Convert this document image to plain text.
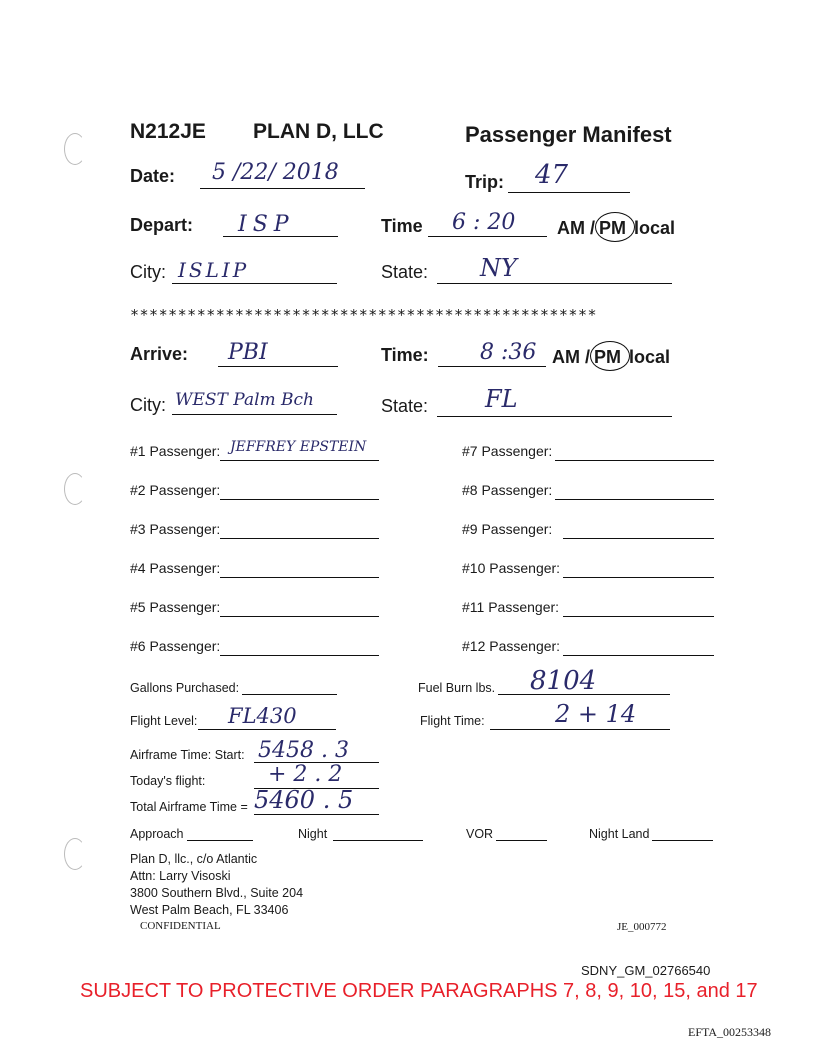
N212JE PLAN D, LLC	Passenger Manifest
Date: 5 /22/ 2018	Trip: 47
Depart: ISP	Time 6 : 20 AM / PM local
City: ISLIP	State: NY
*************************************************
Arrive: PBI	Time: 8 :36 AM / PM local
City: WEST Palm Bch	State: FL
#1 Passenger: JEFFREY EPSTEIN
#2 Passenger:
#3 Passenger:
#4 Passenger:
#5 Passenger:
#6 Passenger:
#7 Passenger:
#8 Passenger:
#9 Passenger:
#10 Passenger:
#11 Passenger:
#12 Passenger:
Gallons Purchased:	Fuel Burn lbs. 8104
Flight Level: FL430	Flight Time:	2 + 14
Airframe Time: Start: 5458 . 3
Today's flight:	+ 2 . 2
Total Airframe Time = 5460 . 5
Approach	Night	VOR	Night Land
Plan D, llc., c/o Atlantic
Attn: Larry Visoski
3800 Southern Blvd., Suite 204
West Palm Beach, FL 33406
CONFIDENTIAL	JE_000772
SDNY_GM_02766540
SUBJECT TO PROTECTIVE ORDER PARAGRAPHS 7, 8, 9, 10, 15, and 17
EFTA_00253348
